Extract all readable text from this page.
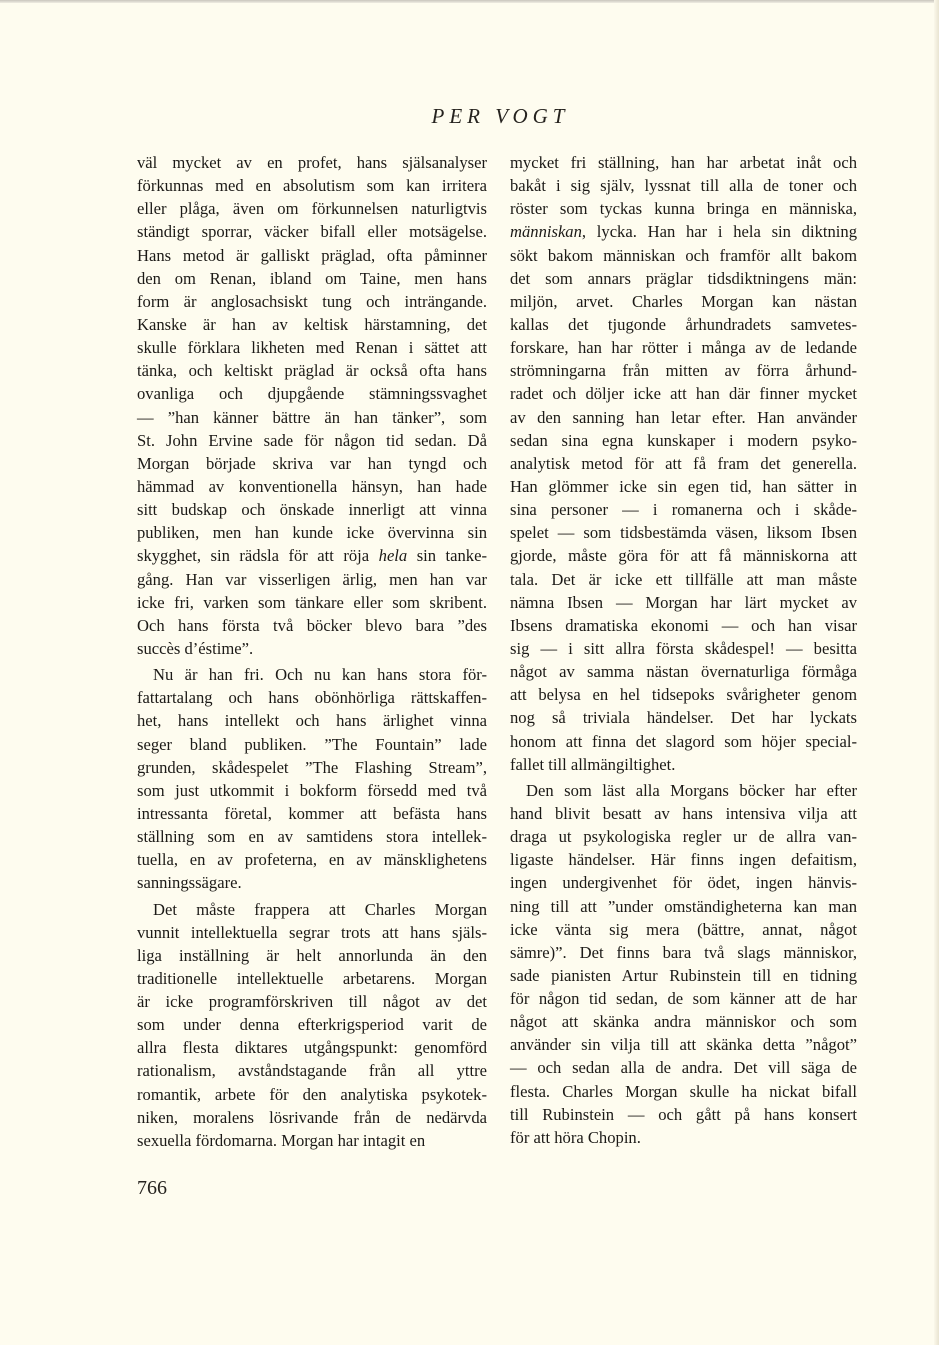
PER VOGT
väl mycket av en profet, hans själsanalyser
förkunnas med en absolutism som kan irritera
eller plåga, även om förkunnelsen naturligtvis
ständigt sporrar, väcker bifall eller motsägelse.
Hans metod är galliskt präglad, ofta påminner
den om Renan, ibland om Taine, men hans
form är anglosachsiskt tung och inträngande.
Kanske är han av keltisk härstamning, det
skulle förklara likheten med Renan i sättet att
tänka, och keltiskt präglad är också ofta hans
ovanliga och djupgående stämningssvaghet
— ”han känner bättre än han tänker”, som
St. John Ervine sade för någon tid sedan. Då
Morgan började skriva var han tyngd och
hämmad av konventionella hänsyn, han hade
sitt budskap och önskade innerligt att vinna
publiken, men han kunde icke övervinna sin
skygghet, sin rädsla för att röja hela sin tanke-
gång. Han var visserligen ärlig, men han var
icke fri, varken som tänkare eller som skribent.
Och hans första två böcker blevo bara ”des
succès d’éstime”.
Nu är han fri. Och nu kan hans stora för-
fattartalang och hans obönhörliga rättskaffen-
het, hans intellekt och hans ärlighet vinna
seger bland publiken. ”The Fountain” lade
grunden, skådespelet ”The Flashing Stream”,
som just utkommit i bokform försedd med två
intressanta företal, kommer att befästa hans
ställning som en av samtidens stora intellek-
tuella, en av profeterna, en av mänsklighetens
sanningssägare.
Det måste frappera att Charles Morgan
vunnit intellektuella segrar trots att hans själs-
liga inställning är helt annorlunda än den
traditionelle intellektuelle arbetarens. Morgan
är icke programförskriven till något av det
som under denna efterkrigsperiod varit de
allra flesta diktares utgångspunkt: genomförd
rationalism, avståndstagande från all yttre
romantik, arbete för den analytiska psykotek-
niken, moralens lösrivande från de nedärvda
sexuella fördomarna. Morgan har intagit en
mycket fri ställning, han har arbetat inåt och
bakåt i sig själv, lyssnat till alla de toner och
röster som tyckas kunna bringa en människa,
människan, lycka. Han har i hela sin diktning
sökt bakom människan och framför allt bakom
det som annars präglar tidsdiktningens män:
miljön, arvet. Charles Morgan kan nästan
kallas det tjugonde århundradets samvetes-
forskare, han har rötter i många av de ledande
strömningarna från mitten av förra århund-
radet och döljer icke att han där finner mycket
av den sanning han letar efter. Han använder
sedan sina egna kunskaper i modern psyko-
analytisk metod för att få fram det generella.
Han glömmer icke sin egen tid, han sätter in
sina personer — i romanerna och i skåde-
spelet — som tidsbestämda väsen, liksom Ibsen
gjorde, måste göra för att få människorna att
tala. Det är icke ett tillfälle att man måste
nämna Ibsen — Morgan har lärt mycket av
Ibsens dramatiska ekonomi — och han visar
sig — i sitt allra första skådespel! — besitta
något av samma nästan övernaturliga förmåga
att belysa en hel tidsepoks svårigheter genom
nog så triviala händelser. Det har lyckats
honom att finna det slagord som höjer special-
fallet till allmängiltighet.
Den som läst alla Morgans böcker har efter
hand blivit besatt av hans intensiva vilja att
draga ut psykologiska regler ur de allra van-
ligaste händelser. Här finns ingen defaitism,
ingen undergivenhet för ödet, ingen hänvis-
ning till att ”under omständigheterna kan man
icke vänta sig mera (bättre, annat, något
sämre)”. Det finns bara två slags människor,
sade pianisten Artur Rubinstein till en tidning
för någon tid sedan, de som känner att de har
något att skänka andra människor och som
använder sin vilja till att skänka detta ”något”
— och sedan alla de andra. Det vill säga de
flesta. Charles Morgan skulle ha nickat bifall
till Rubinstein — och gått på hans konsert
för att höra Chopin.
766
